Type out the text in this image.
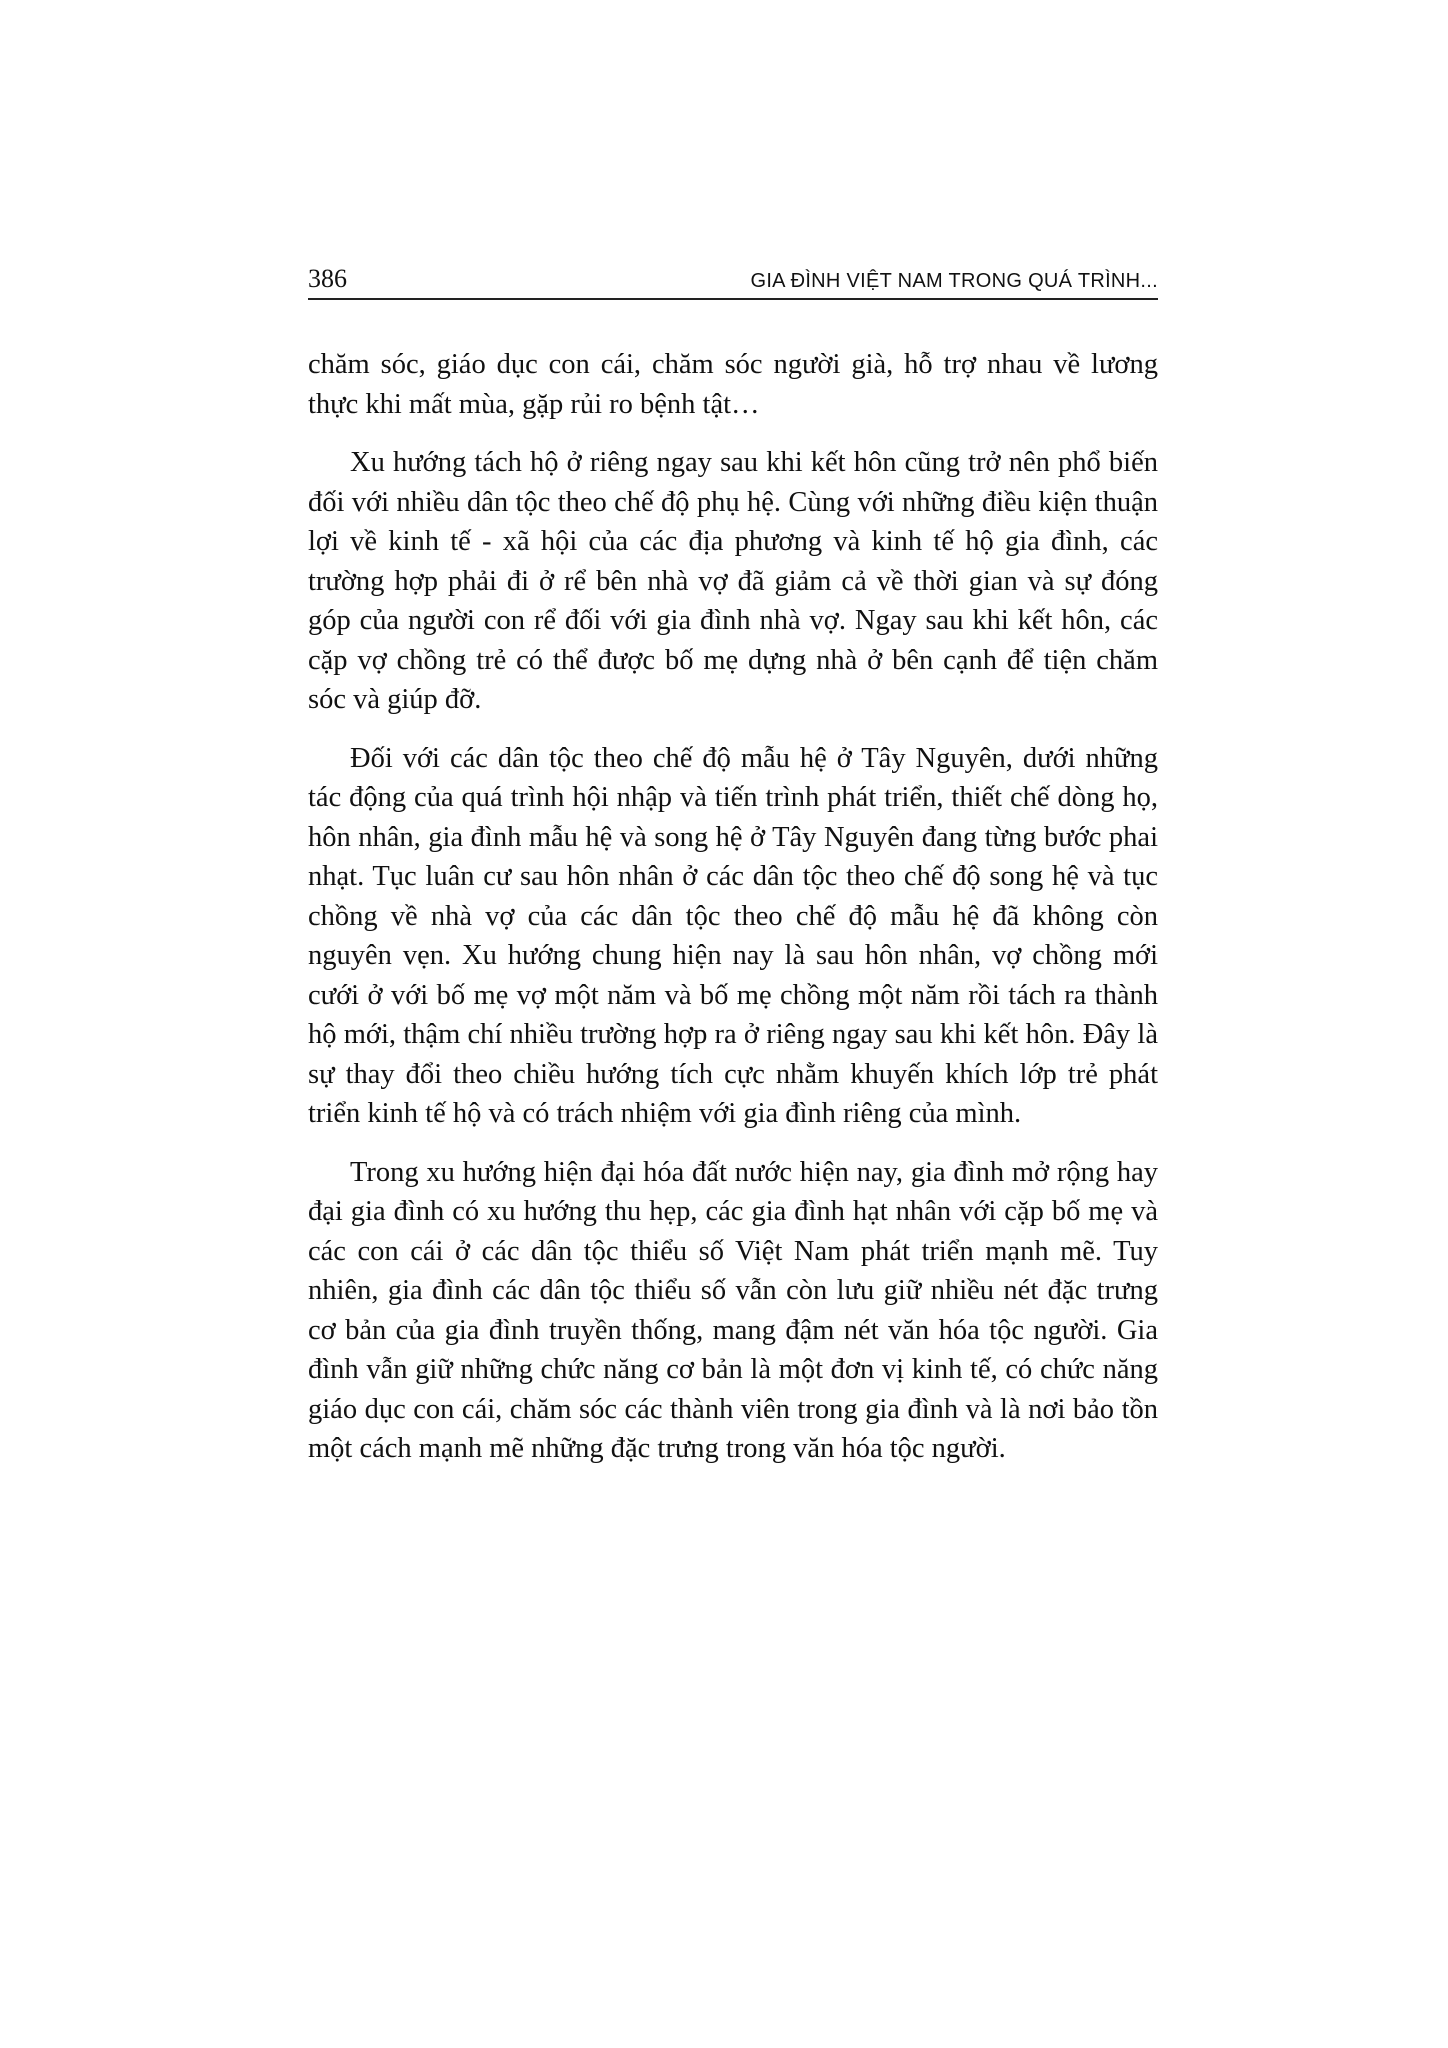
386	GIA ĐÌNH VIỆT NAM TRONG QUÁ TRÌNH...

chăm sóc, giáo dục con cái, chăm sóc người già, hỗ trợ nhau về lương thực khi mất mùa, gặp rủi ro bệnh tật…

Xu hướng tách hộ ở riêng ngay sau khi kết hôn cũng trở nên phổ biến đối với nhiều dân tộc theo chế độ phụ hệ. Cùng với những điều kiện thuận lợi về kinh tế - xã hội của các địa phương và kinh tế hộ gia đình, các trường hợp phải đi ở rể bên nhà vợ đã giảm cả về thời gian và sự đóng góp của người con rể đối với gia đình nhà vợ. Ngay sau khi kết hôn, các cặp vợ chồng trẻ có thể được bố mẹ dựng nhà ở bên cạnh để tiện chăm sóc và giúp đỡ.

Đối với các dân tộc theo chế độ mẫu hệ ở Tây Nguyên, dưới những tác động của quá trình hội nhập và tiến trình phát triển, thiết chế dòng họ, hôn nhân, gia đình mẫu hệ và song hệ ở Tây Nguyên đang từng bước phai nhạt. Tục luân cư sau hôn nhân ở các dân tộc theo chế độ song hệ và tục chồng về nhà vợ của các dân tộc theo chế độ mẫu hệ đã không còn nguyên vẹn. Xu hướng chung hiện nay là sau hôn nhân, vợ chồng mới cưới ở với bố mẹ vợ một năm và bố mẹ chồng một năm rồi tách ra thành hộ mới, thậm chí nhiều trường hợp ra ở riêng ngay sau khi kết hôn. Đây là sự thay đổi theo chiều hướng tích cực nhằm khuyến khích lớp trẻ phát triển kinh tế hộ và có trách nhiệm với gia đình riêng của mình.

Trong xu hướng hiện đại hóa đất nước hiện nay, gia đình mở rộng hay đại gia đình có xu hướng thu hẹp, các gia đình hạt nhân với cặp bố mẹ và các con cái ở các dân tộc thiểu số Việt Nam phát triển mạnh mẽ. Tuy nhiên, gia đình các dân tộc thiểu số vẫn còn lưu giữ nhiều nét đặc trưng cơ bản của gia đình truyền thống, mang đậm nét văn hóa tộc người. Gia đình vẫn giữ những chức năng cơ bản là một đơn vị kinh tế, có chức năng giáo dục con cái, chăm sóc các thành viên trong gia đình và là nơi bảo tồn một cách mạnh mẽ những đặc trưng trong văn hóa tộc người.
